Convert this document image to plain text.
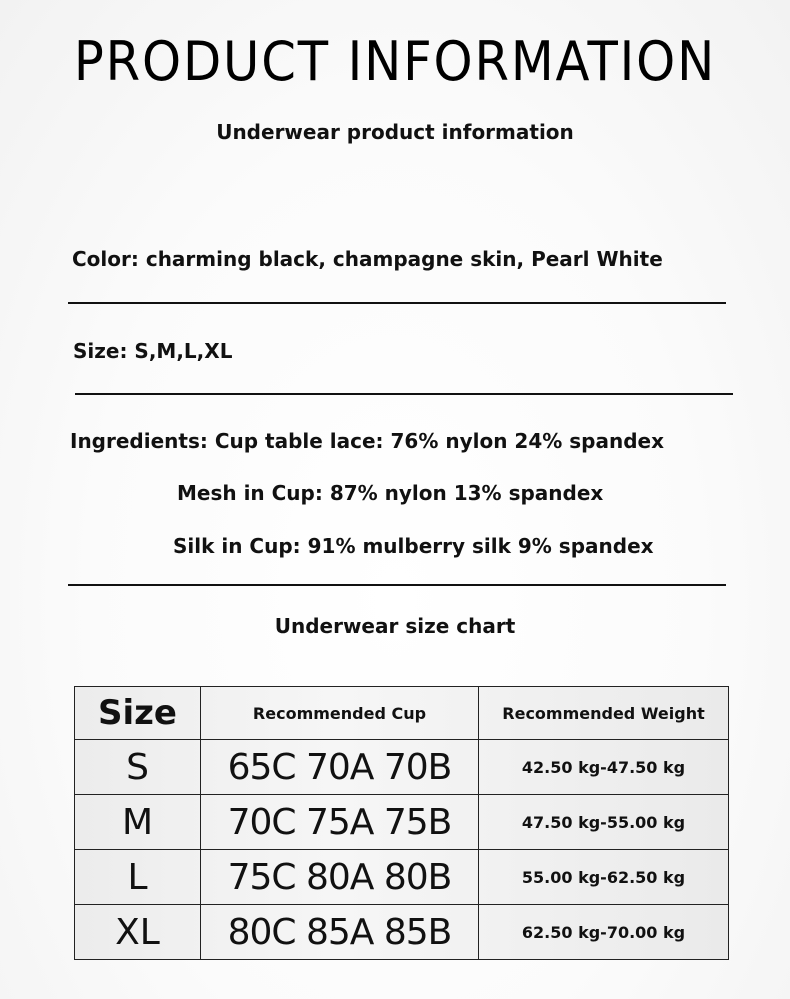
PRODUCT INFORMATION
Underwear product information
Color: charming black, champagne skin, Pearl White
Size: S,M,L,XL
Ingredients: Cup table lace: 76% nylon 24% spandex
Mesh in Cup: 87% nylon 13% spandex
Silk in Cup: 91% mulberry silk 9% spandex
Underwear size chart
Size	Recommended Cup	Recommended Weight
S	65C 70A 70B	42.50 kg-47.50 kg
M	70C 75A 75B	47.50 kg-55.00 kg
L	75C 80A 80B	55.00 kg-62.50 kg
XL	80C 85A 85B	62.50 kg-70.00 kg
